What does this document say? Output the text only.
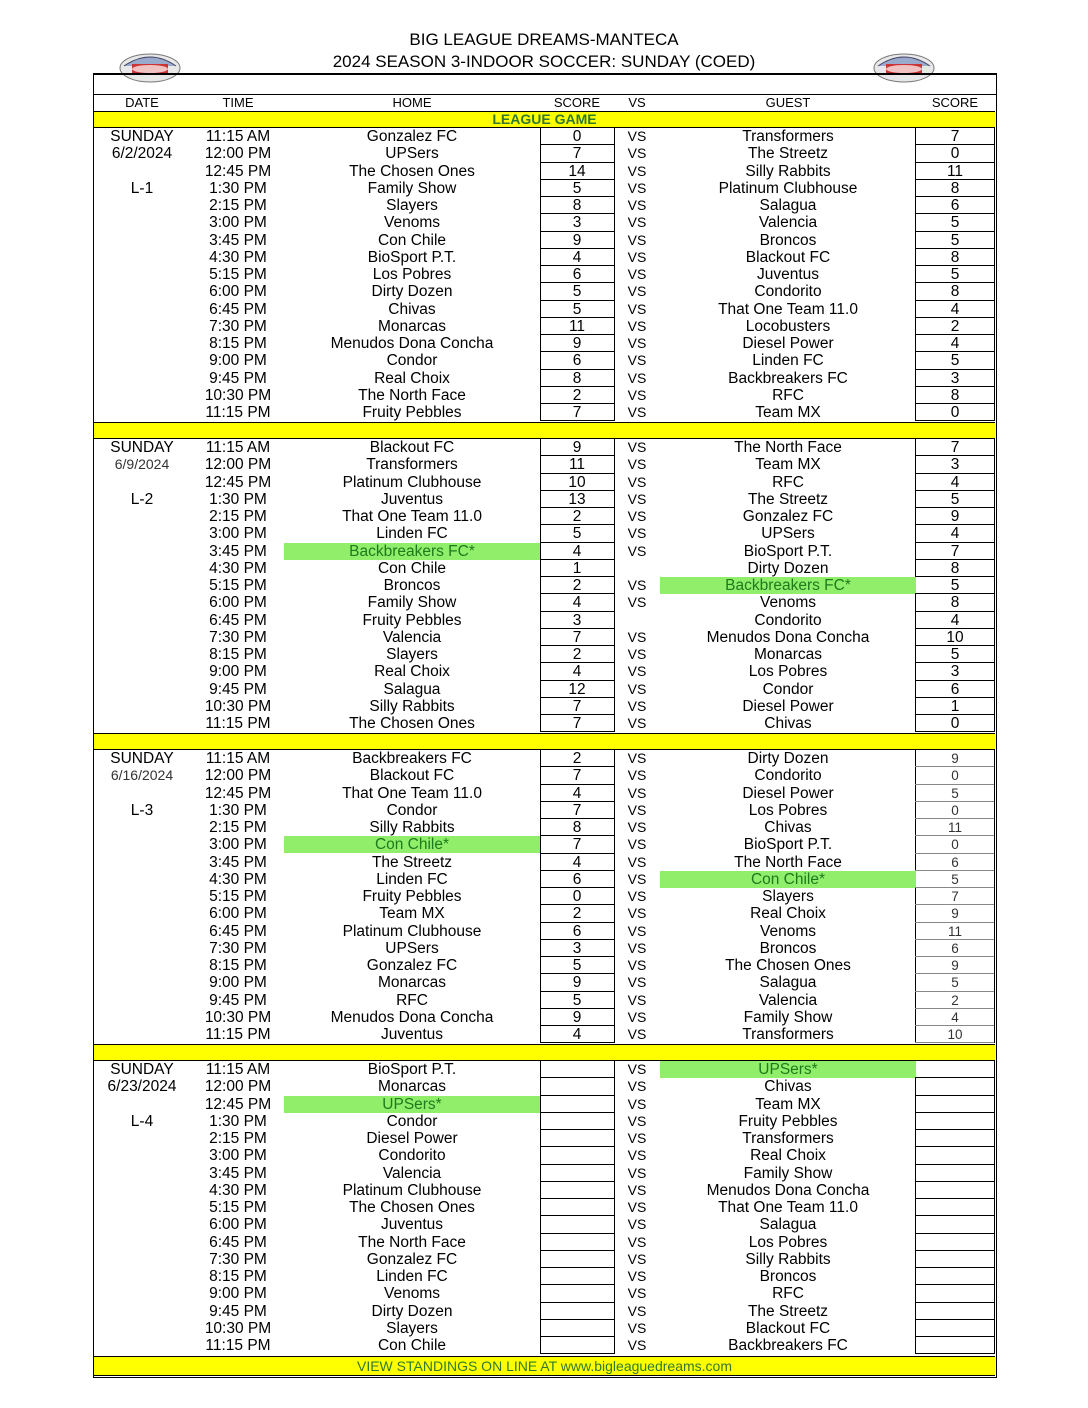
BIG LEAGUE DREAMS-MANTECA
2024 SEASON 3-INDOOR SOCCER: SUNDAY (COED)
DATE	TIME	HOME	SCORE	VS	GUEST	SCORE
LEAGUE GAME
SUNDAY	11:15 AM	Gonzalez FC	0	VS	Transformers	7
6/2/2024	12:00 PM	UPSers	7	VS	The Streetz	0
12:45 PM	The Chosen Ones	14	VS	Silly Rabbits	11
L-1	1:30 PM	Family Show	5	VS	Platinum Clubhouse	8
2:15 PM	Slayers	8	VS	Salagua	6
3:00 PM	Venoms	3	VS	Valencia	5
3:45 PM	Con Chile	9	VS	Broncos	5
4:30 PM	BioSport P.T.	4	VS	Blackout FC	8
5:15 PM	Los Pobres	6	VS	Juventus	5
6:00 PM	Dirty Dozen	5	VS	Condorito	8
6:45 PM	Chivas	5	VS	That One Team 11.0	4
7:30 PM	Monarcas	11	VS	Locobusters	2
8:15 PM	Menudos Dona Concha	9	VS	Diesel Power	4
9:00 PM	Condor	6	VS	Linden FC	5
9:45 PM	Real Choix	8	VS	Backbreakers FC	3
10:30 PM	The North Face	2	VS	RFC	8
11:15 PM	Fruity Pebbles	7	VS	Team MX	0
SUNDAY	11:15 AM	Blackout FC	9	VS	The North Face	7
6/9/2024	12:00 PM	Transformers	11	VS	Team MX	3
12:45 PM	Platinum Clubhouse	10	VS	RFC	4
L-2	1:30 PM	Juventus	13	VS	The Streetz	5
2:15 PM	That One Team 11.0	2	VS	Gonzalez FC	9
3:00 PM	Linden FC	5	VS	UPSers	4
3:45 PM	Backbreakers FC*	4	VS	BioSport P.T.	7
4:30 PM	Con Chile	1	Dirty Dozen	8
5:15 PM	Broncos	2	VS	Backbreakers FC*	5
6:00 PM	Family Show	4	VS	Venoms	8
6:45 PM	Fruity Pebbles	3	Condorito	4
7:30 PM	Valencia	7	VS	Menudos Dona Concha	10
8:15 PM	Slayers	2	VS	Monarcas	5
9:00 PM	Real Choix	4	VS	Los Pobres	3
9:45 PM	Salagua	12	VS	Condor	6
10:30 PM	Silly Rabbits	7	VS	Diesel Power	1
11:15 PM	The Chosen Ones	7	VS	Chivas	0
SUNDAY	11:15 AM	Backbreakers FC	2	VS	Dirty Dozen	9
6/16/2024	12:00 PM	Blackout FC	7	VS	Condorito	0
12:45 PM	That One Team 11.0	4	VS	Diesel Power	5
L-3	1:30 PM	Condor	7	VS	Los Pobres	0
2:15 PM	Silly Rabbits	8	VS	Chivas	11
3:00 PM	Con Chile*	7	VS	BioSport P.T.	0
3:45 PM	The Streetz	4	VS	The North Face	6
4:30 PM	Linden FC	6	VS	Con Chile*	5
5:15 PM	Fruity Pebbles	0	VS	Slayers	7
6:00 PM	Team MX	2	VS	Real Choix	9
6:45 PM	Platinum Clubhouse	6	VS	Venoms	11
7:30 PM	UPSers	3	VS	Broncos	6
8:15 PM	Gonzalez FC	5	VS	The Chosen Ones	9
9:00 PM	Monarcas	9	VS	Salagua	5
9:45 PM	RFC	5	VS	Valencia	2
10:30 PM	Menudos Dona Concha	9	VS	Family Show	4
11:15 PM	Juventus	4	VS	Transformers	10
SUNDAY	11:15 AM	BioSport P.T.	VS	UPSers*
6/23/2024	12:00 PM	Monarcas	VS	Chivas
12:45 PM	UPSers*	VS	Team MX
L-4	1:30 PM	Condor	VS	Fruity Pebbles
2:15 PM	Diesel Power	VS	Transformers
3:00 PM	Condorito	VS	Real Choix
3:45 PM	Valencia	VS	Family Show
4:30 PM	Platinum Clubhouse	VS	Menudos Dona Concha
5:15 PM	The Chosen Ones	VS	That One Team 11.0
6:00 PM	Juventus	VS	Salagua
6:45 PM	The North Face	VS	Los Pobres
7:30 PM	Gonzalez FC	VS	Silly Rabbits
8:15 PM	Linden FC	VS	Broncos
9:00 PM	Venoms	VS	RFC
9:45 PM	Dirty Dozen	VS	The Streetz
10:30 PM	Slayers	VS	Blackout FC
11:15 PM	Con Chile	VS	Backbreakers FC
VIEW STANDINGS ON LINE AT www.bigleaguedreams.com
